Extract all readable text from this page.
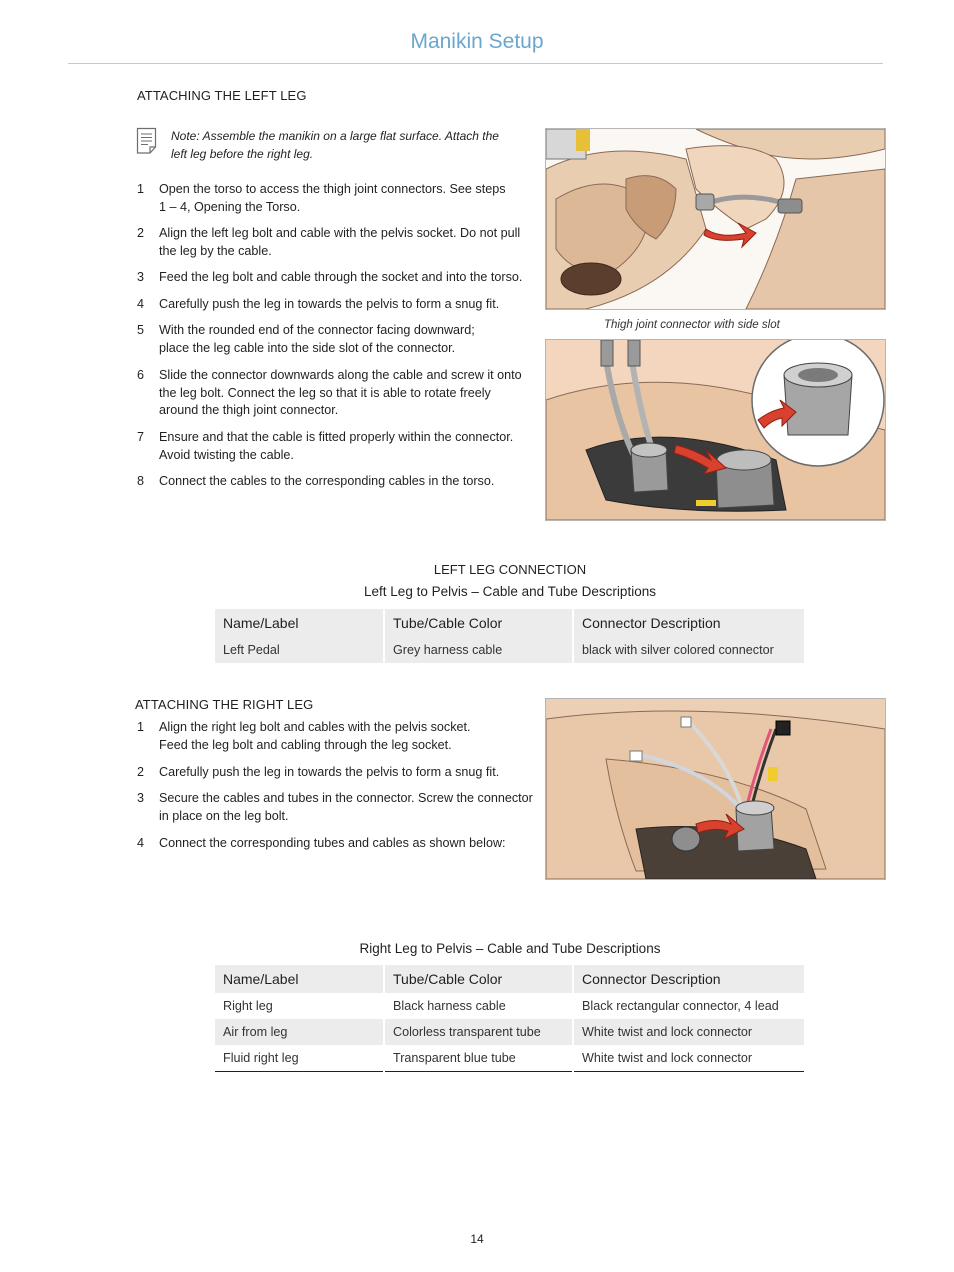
Manikin Setup
ATTACHING THE LEFT LEG
Note: Assemble the manikin on a large flat surface. Attach the
left leg before the right leg.
1	Open the torso to access the thigh joint connectors. See steps
1 – 4, Opening the Torso.
2	Align the left leg bolt and cable with the pelvis socket. Do not pull
the leg by the cable.
3	Feed the leg bolt and cable through the socket and into the torso.
4	Carefully push the leg in towards the pelvis to form a snug fit.
5	With the rounded end of the connector facing downward;
place the leg cable into the side slot of the connector.
6	Slide the connector downwards along the cable and screw it onto
the leg bolt. Connect the leg so that it is able to rotate freely
around the thigh joint connector.
7	Ensure and that the cable is fitted properly within the connector.
Avoid twisting the cable.
8	Connect the cables to the corresponding cables in the torso.
Thigh joint connector with side slot
LEFT LEG CONNECTION
Left Leg to Pelvis – Cable and Tube Descriptions
Name/Label	Tube/Cable Color	Connector Description
Left Pedal	Grey harness cable	black with silver colored connector
ATTACHING THE RIGHT LEG
1	Align the right leg bolt and cables with the pelvis socket.
Feed the leg bolt and cabling through the leg socket.
2	Carefully push the leg in towards the pelvis to form a snug fit.
3	Secure the cables and tubes in the connector. Screw the connector
in place on the leg bolt.
4	Connect the corresponding tubes and cables as shown below:
Right Leg to Pelvis – Cable and Tube Descriptions
Name/Label	Tube/Cable Color	Connector Description
Right leg	Black harness cable	Black rectangular connector, 4 lead
Air from leg	Colorless transparent tube	White twist and lock connector
Fluid right leg	Transparent blue tube	White twist and lock connector
14
